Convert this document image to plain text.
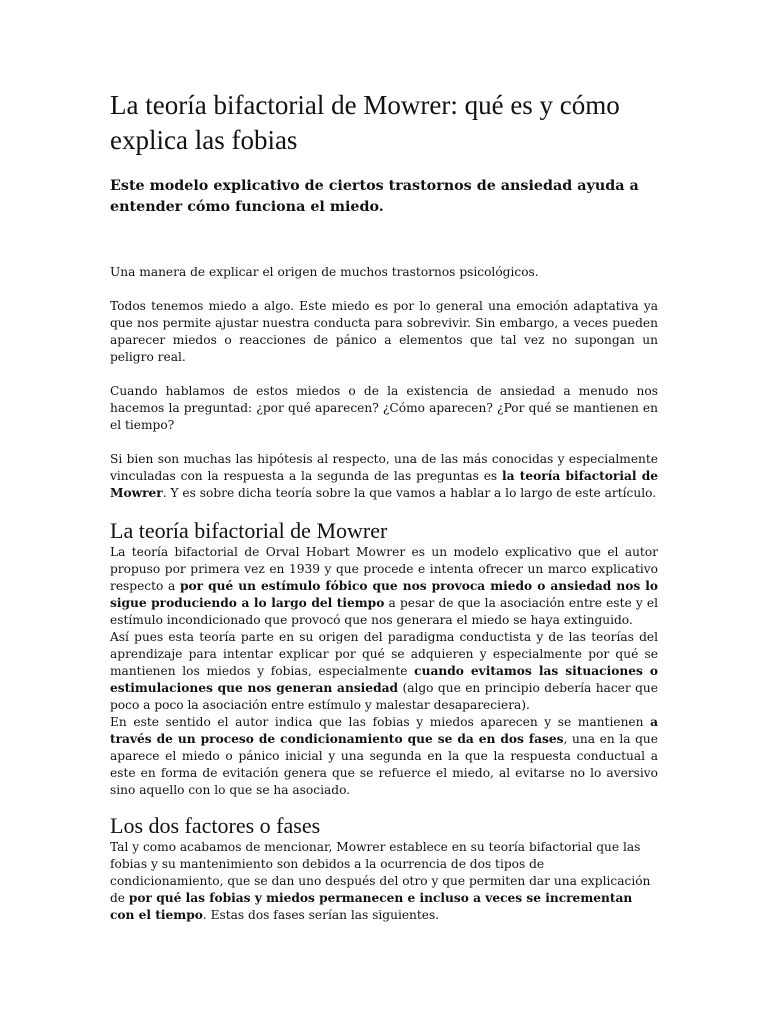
La teoría bifactorial de Mowrer: qué es y cómo explica las fobias

Este modelo explicativo de ciertos trastornos de ansiedad ayuda a entender cómo funciona el miedo.

Una manera de explicar el origen de muchos trastornos psicológicos.

Todos tenemos miedo a algo. Este miedo es por lo general una emoción adaptativa ya que nos permite ajustar nuestra conducta para sobrevivir. Sin embargo, a veces pueden aparecer miedos o reacciones de pánico a elementos que tal vez no supongan un peligro real.

Cuando hablamos de estos miedos o de la existencia de ansiedad a menudo nos hacemos la preguntad: ¿por qué aparecen? ¿Cómo aparecen? ¿Por qué se mantienen en el tiempo?

Si bien son muchas las hipótesis al respecto, una de las más conocidas y especialmente vinculadas con la respuesta a la segunda de las preguntas es la teoría bifactorial de Mowrer. Y es sobre dicha teoría sobre la que vamos a hablar a lo largo de este artículo.

La teoría bifactorial de Mowrer

La teoría bifactorial de Orval Hobart Mowrer es un modelo explicativo que el autor propuso por primera vez en 1939 y que procede e intenta ofrecer un marco explicativo respecto a por qué un estímulo fóbico que nos provoca miedo o ansiedad nos lo sigue produciendo a lo largo del tiempo a pesar de que la asociación entre este y el estímulo incondicionado que provocó que nos generara el miedo se haya extinguido.

Así pues esta teoría parte en su origen del paradigma conductista y de las teorías del aprendizaje para intentar explicar por qué se adquieren y especialmente por qué se mantienen los miedos y fobias, especialmente cuando evitamos las situaciones o estimulaciones que nos generan ansiedad (algo que en principio debería hacer que poco a poco la asociación entre estímulo y malestar desapareciera).

En este sentido el autor indica que las fobias y miedos aparecen y se mantienen a través de un proceso de condicionamiento que se da en dos fases, una en la que aparece el miedo o pánico inicial y una segunda en la que la respuesta conductual a este en forma de evitación genera que se refuerce el miedo, al evitarse no lo aversivo sino aquello con lo que se ha asociado.

Los dos factores o fases

Tal y como acabamos de mencionar, Mowrer establece en su teoría bifactorial que las fobias y su mantenimiento son debidos a la ocurrencia de dos tipos de condicionamiento, que se dan uno después del otro y que permiten dar una explicación de por qué las fobias y miedos permanecen e incluso a veces se incrementan con el tiempo. Estas dos fases serían las siguientes.
